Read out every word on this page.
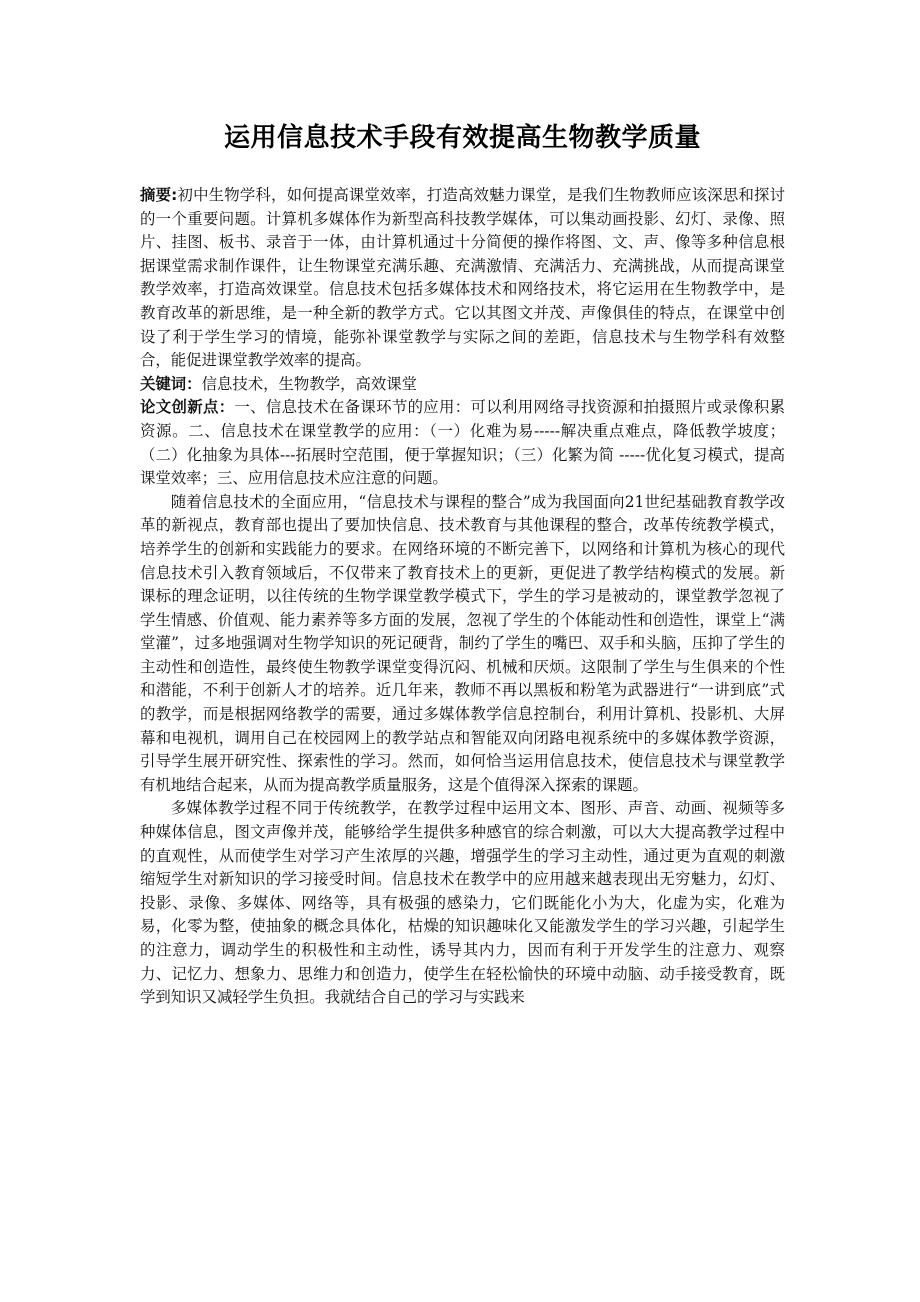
运用信息技术手段有效提高生物教学质量

摘要:初中生物学科，如何提高课堂效率，打造高效魅力课堂，是我们生物教师应该深思和探讨的一个重要问题。计算机多媒体作为新型高科技教学媒体，可以集动画投影、幻灯、录像、照片、挂图、板书、录音于一体，由计算机通过十分简便的操作将图、文、声、像等多种信息根据课堂需求制作课件，让生物课堂充满乐趣、充满激情、充满活力、充满挑战，从而提高课堂教学效率，打造高效课堂。信息技术包括多媒体技术和网络技术，将它运用在生物教学中，是教育改革的新思维，是一种全新的教学方式。它以其图文并茂、声像俱佳的特点，在课堂中创设了利于学生学习的情境，能弥补课堂教学与实际之间的差距，信息技术与生物学科有效整合，能促进课堂教学效率的提高。

关键词：信息技术，生物教学，高效课堂

论文创新点：一、信息技术在备课环节的应用：可以利用网络寻找资源和拍摄照片或录像积累资源。二、信息技术在课堂教学的应用：（一）化难为易-----解决重点难点，降低教学坡度；（二）化抽象为具体---拓展时空范围，便于掌握知识；（三）化繁为简 -----优化复习模式，提高课堂效率；三、应用信息技术应注意的问题。

随着信息技术的全面应用，“信息技术与课程的整合”成为我国面向21世纪基础教育教学改革的新视点，教育部也提出了要加快信息、技术教育与其他课程的整合，改革传统教学模式，培养学生的创新和实践能力的要求。在网络环境的不断完善下，以网络和计算机为核心的现代信息技术引入教育领域后，不仅带来了教育技术上的更新，更促进了教学结构模式的发展。新课标的理念证明，以往传统的生物学课堂教学模式下，学生的学习是被动的，课堂教学忽视了学生情感、价值观、能力素养等多方面的发展，忽视了学生的个体能动性和创造性，课堂上“满堂灌”，过多地强调对生物学知识的死记硬背，制约了学生的嘴巴、双手和头脑，压抑了学生的主动性和创造性，最终使生物教学课堂变得沉闷、机械和厌烦。这限制了学生与生俱来的个性和潜能，不利于创新人才的培养。近几年来，教师不再以黑板和粉笔为武器进行“一讲到底”式的教学，而是根据网络教学的需要，通过多媒体教学信息控制台，利用计算机、投影机、大屏幕和电视机，调用自己在校园网上的教学站点和智能双向闭路电视系统中的多媒体教学资源，引导学生展开研究性、探索性的学习。然而，如何恰当运用信息技术，使信息技术与课堂教学有机地结合起来，从而为提高教学质量服务，这是个值得深入探索的课题。

多媒体教学过程不同于传统教学，在教学过程中运用文本、图形、声音、动画、视频等多种媒体信息，图文声像并茂，能够给学生提供多种感官的综合刺激，可以大大提高教学过程中的直观性，从而使学生对学习产生浓厚的兴趣，增强学生的学习主动性，通过更为直观的刺激缩短学生对新知识的学习接受时间。信息技术在教学中的应用越来越表现出无穷魅力，幻灯、投影、录像、多媒体、网络等，具有极强的感染力，它们既能化小为大，化虚为实，化难为易，化零为整，使抽象的概念具体化，枯燥的知识趣味化又能激发学生的学习兴趣，引起学生的注意力，调动学生的积极性和主动性，诱导其内力，因而有利于开发学生的注意力、观察力、记忆力、想象力、思维力和创造力，使学生在轻松愉快的环境中动脑、动手接受教育，既学到知识又减轻学生负担。我就结合自己的学习与实践来
